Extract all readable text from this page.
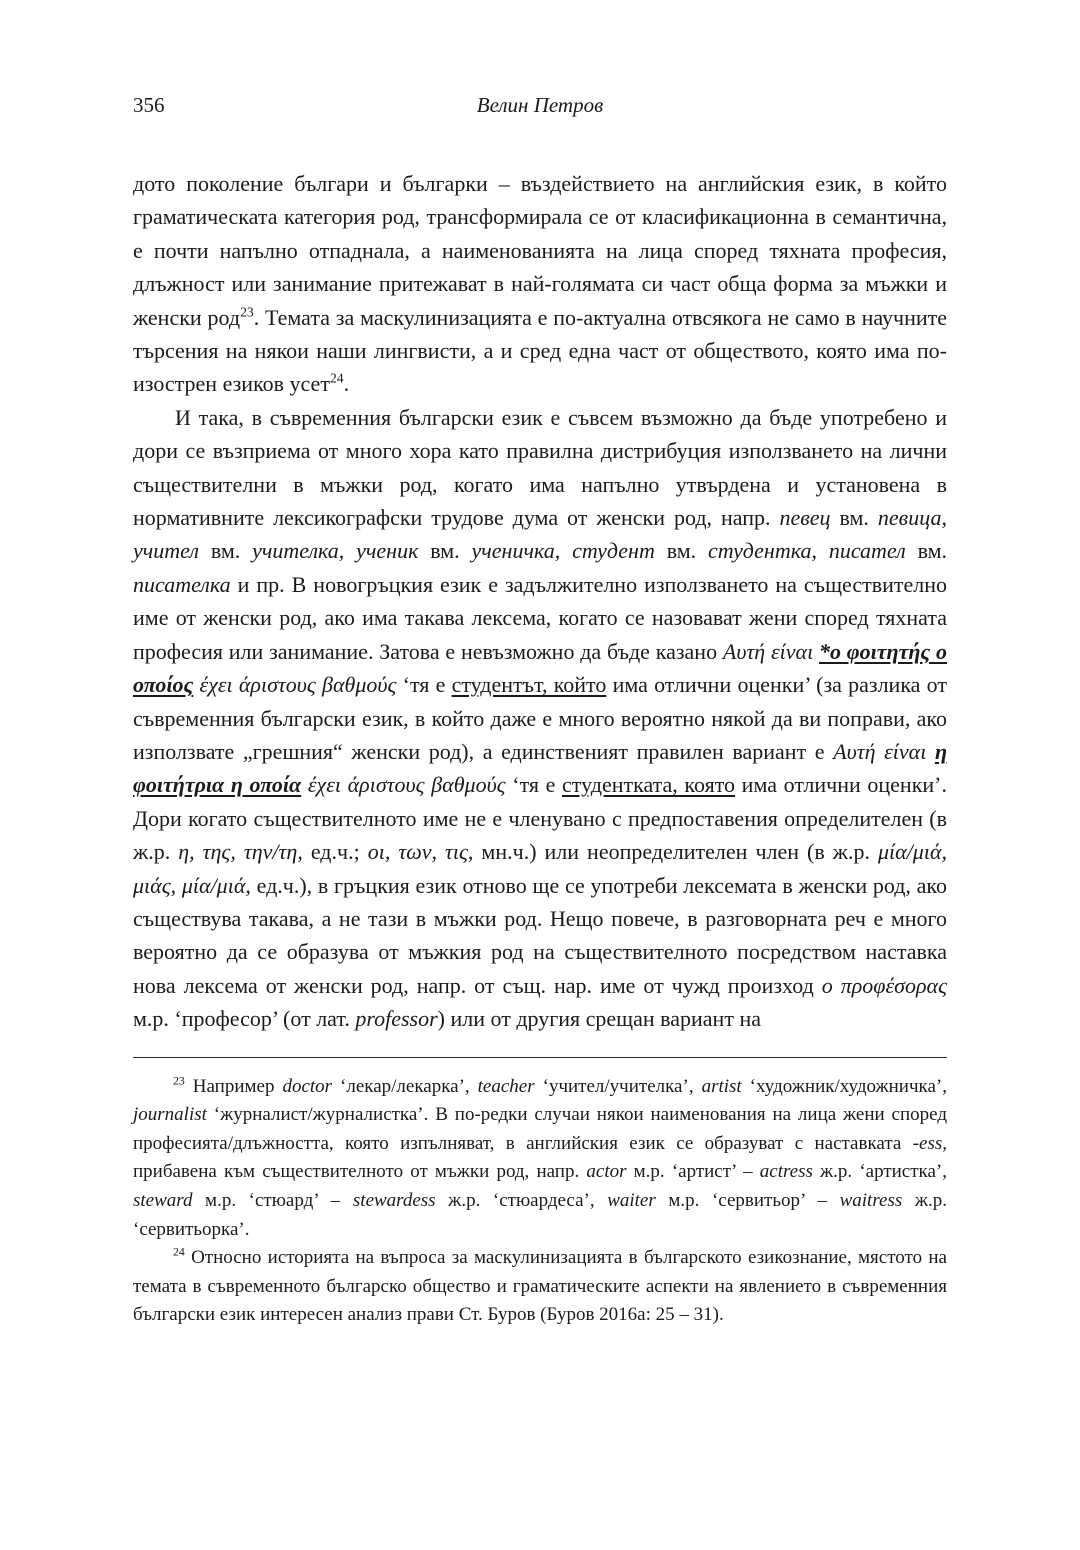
356	Велин Петров

дото поколение българи и българки – въздействието на английския език, в който граматическата категория род, трансформирала се от класификационна в семантична, е почти напълно отпаднала, а наименованията на лица според тяхната професия, длъжност или занимание притежават в най-голямата си част обща форма за мъжки и женски род$^{23}$. Темата за маскулинизацията е по-актуална отвсякога не само в научните търсения на някои наши лингвисти, а и сред една част от обществото, която има по-изострен езиков усет$^{24}$.

И така, в съвременния български език е съвсем възможно да бъде употребено и дори се възприема от много хора като правилна дистрибуция използването на лични съществителни в мъжки род, когато има напълно утвърдена и установена в нормативните лексикографски трудове дума от женски род, напр. певец вм. певица, учител вм. учителка, ученик вм. ученичка, студент вм. студентка, писател вм. писателка и пр. В новогръцкия език е задължително използването на съществително име от женски род, ако има такава лексема, когато се назовават жени според тяхната професия или занимание. Затова е невъзможно да бъде казано Αυτή είναι *ο φοιτητής ο οποίος έχει άριστους βαθμούς ‘тя е студентът, който има отлични оценки’ (за разлика от съвременния български език, в който даже е много вероятно някой да ви поправи, ако използвате „грешния“ женски род), а единственият правилен вариант е Αυτή είναι η φοιτήτρια η οποία έχει άριστους βαθμούς ‘тя е студентката, която има отлични оценки’. Дори когато съществителното име не е членувано с предпоставения определителен (в ж.р. η, της, την/τη, ед.ч.; οι, των, τις, мн.ч.) или неопределителен член (в ж.р. μία/μιά, μιάς, μία/μιά, ед.ч.), в гръцкия език отново ще се употреби лексемата в женски род, ако съществува такава, а не тази в мъжки род. Нещо повече, в разговорната реч е много вероятно да се образува от мъжкия род на съществителното посредством наставка нова лексема от женски род, напр. от същ. нар. име от чужд произход ο προφέσορας м.р. ‘професор’ (от лат. professor) или от другия срещан вариант на

$^{23}$ Например doctor ‘лекар/лекарка’, teacher ‘учител/учителка’, artist ‘художник/художничка’, journalist ‘журналист/журналистка’. В по-редки случаи някои наименования на лица жени според професията/длъжността, която изпълняват, в английския език се образуват с наставката -ess, прибавена към съществителното от мъжки род, напр. actor м.р. ‘артист’ – actress ж.р. ‘артистка’, steward м.р. ‘стюард’ – stewardess ж.р. ‘стюардеса’, waiter м.р. ‘сервитьор’ – waitress ж.р. ‘сервитьорка’.

$^{24}$ Относно историята на въпроса за маскулинизацията в българското езикознание, мястото на темата в съвременното българско общество и граматическите аспекти на явлението в съвременния български език интересен анализ прави Ст. Буров (Буров 2016а: 25 – 31).
